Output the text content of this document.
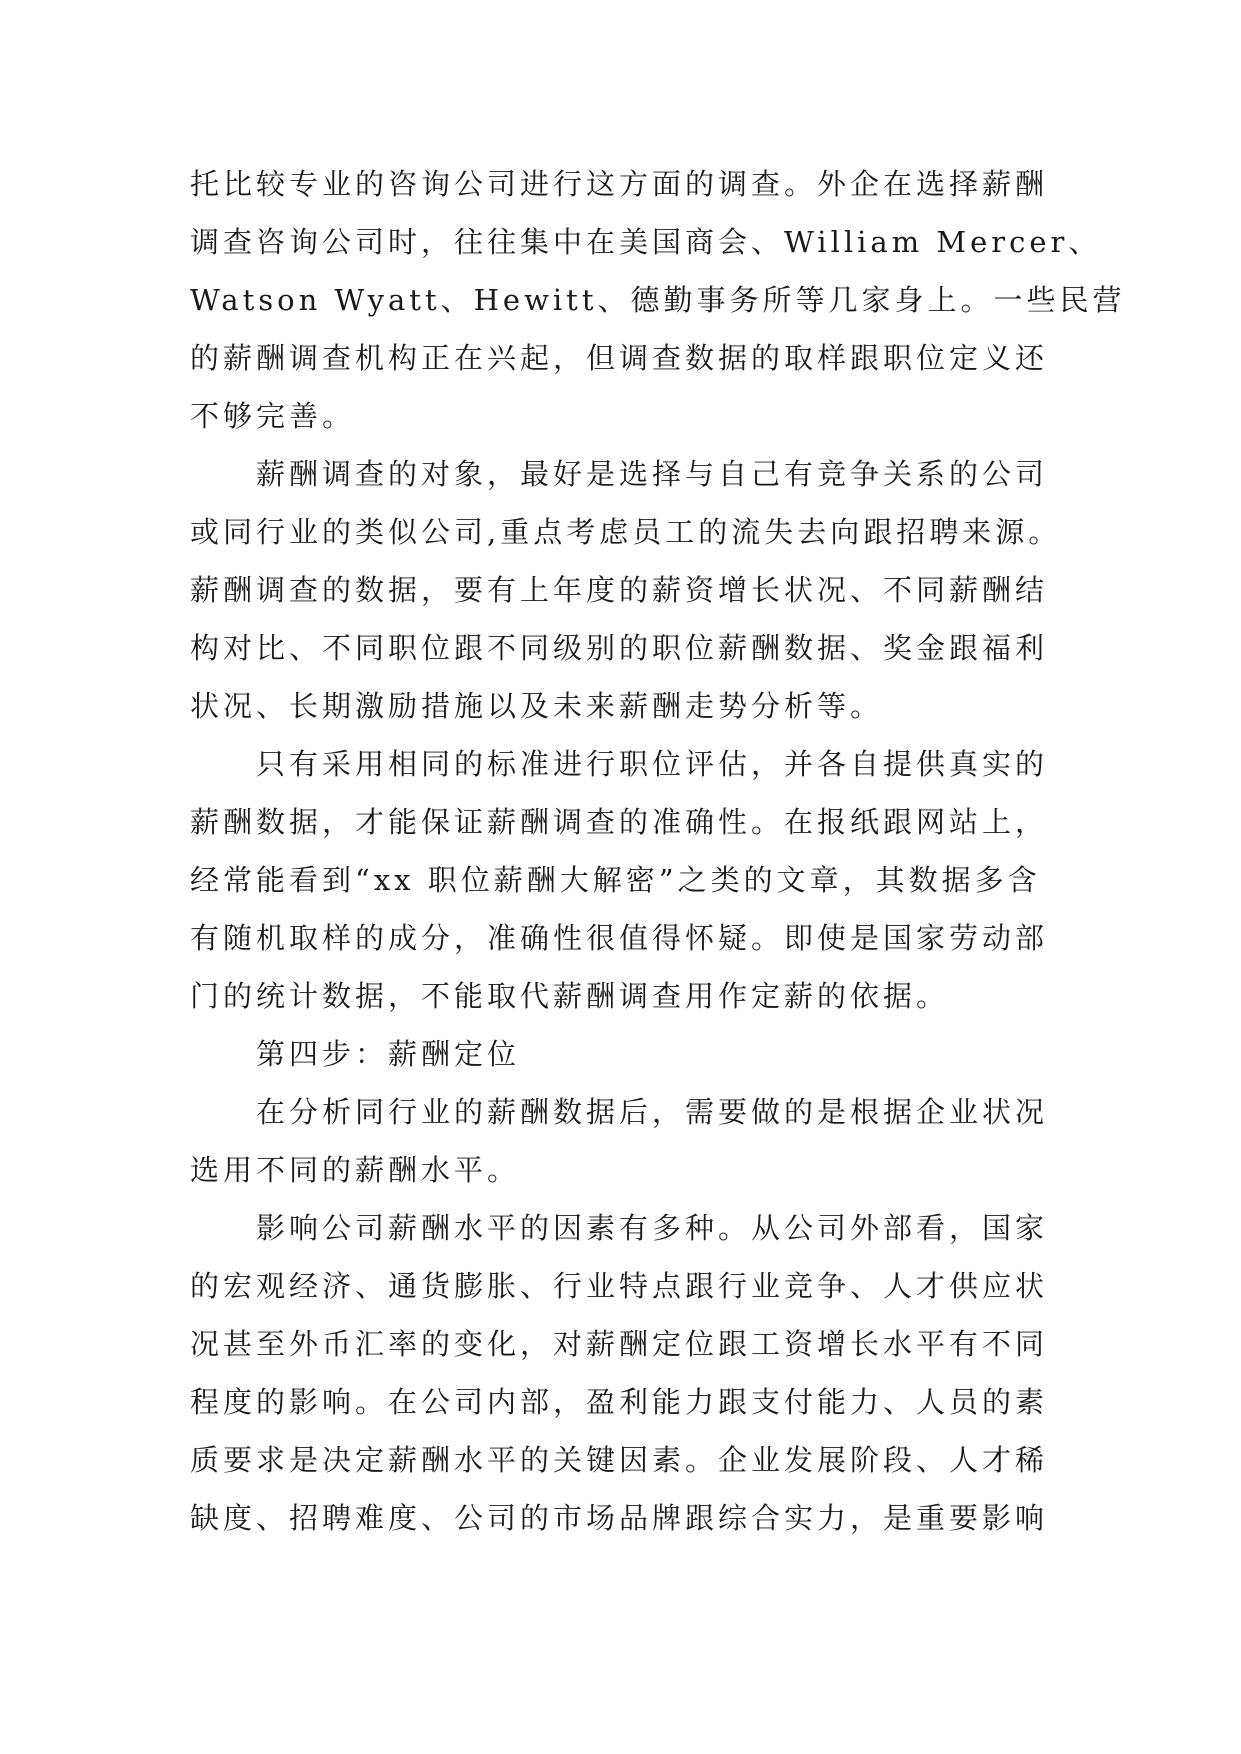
托比较专业的咨询公司进行这方面的调查。外企在选择薪酬
调查咨询公司时，往往集中在美国商会、William Mercer、
Watson Wyatt、Hewitt、德勤事务所等几家身上。一些民营
的薪酬调查机构正在兴起，但调查数据的取样跟职位定义还
不够完善。
薪酬调查的对象，最好是选择与自己有竞争关系的公司
或同行业的类似公司,重点考虑员工的流失去向跟招聘来源。
薪酬调查的数据，要有上年度的薪资增长状况、不同薪酬结
构对比、不同职位跟不同级别的职位薪酬数据、奖金跟福利
状况、长期激励措施以及未来薪酬走势分析等。
只有采用相同的标准进行职位评估，并各自提供真实的
薪酬数据，才能保证薪酬调查的准确性。在报纸跟网站上，
经常能看到“xx 职位薪酬大解密”之类的文章，其数据多含
有随机取样的成分，准确性很值得怀疑。即使是国家劳动部
门的统计数据，不能取代薪酬调查用作定薪的依据。
第四步：薪酬定位
在分析同行业的薪酬数据后，需要做的是根据企业状况
选用不同的薪酬水平。
影响公司薪酬水平的因素有多种。从公司外部看，国家
的宏观经济、通货膨胀、行业特点跟行业竞争、人才供应状
况甚至外币汇率的变化，对薪酬定位跟工资增长水平有不同
程度的影响。在公司内部，盈利能力跟支付能力、人员的素
质要求是决定薪酬水平的关键因素。企业发展阶段、人才稀
缺度、招聘难度、公司的市场品牌跟综合实力，是重要影响
